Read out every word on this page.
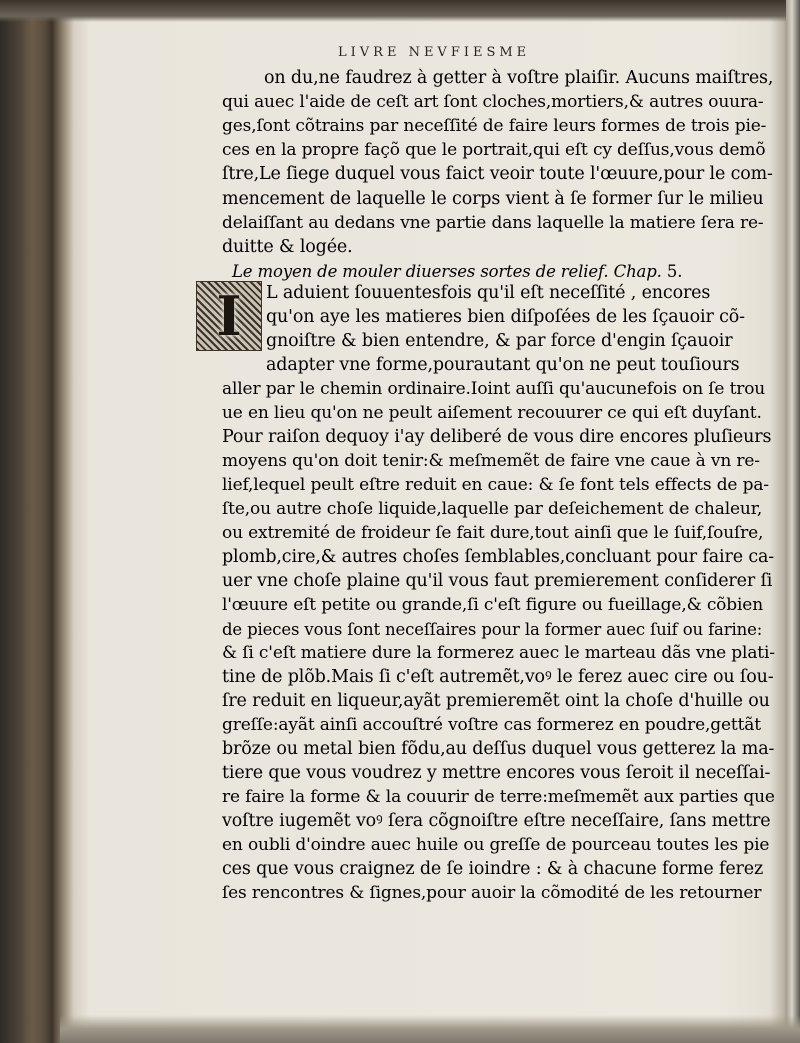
LIVRE NEVFIESME
I
on du,ne faudrez à getter à voſtre plaiſir. Aucuns maiſtres,
qui auec l'aide de ceſt art ſont cloches,mortiers,& autres ouura-
ges,ſont cõtrains par neceſſité de faire leurs formes de trois pie-
ces en la propre façõ que le portrait,qui eſt cy deſſus,vous demõ
ſtre,Le ſiege duquel vous faict veoir toute l'œuure,pour le com-
mencement de laquelle le corps vient à ſe former ſur le milieu
delaiſſant au dedans vne partie dans laquelle la matiere ſera re-
duitte & logée.
L aduient ſouuentesfois qu'il eſt neceſſité , encores
qu'on aye les matieres bien diſpoſées de les ſçauoir cõ-
gnoiſtre & bien entendre, & par force d'engin ſçauoir
adapter vne forme,pourautant qu'on ne peut touſiours
aller par le chemin ordinaire.Ioint auſſi qu'aucunefois on ſe trou
ue en lieu qu'on ne peult aiſement recouurer ce qui eſt duyſant.
Pour raiſon dequoy i'ay deliberé de vous dire encores pluſieurs
moyens qu'on doit tenir:& meſmemẽt de faire vne caue à vn re-
lief,lequel peult eſtre reduit en caue: & ſe font tels effects de pa-
ſte,ou autre choſe liquide,laquelle par deſeichement de chaleur,
ou extremité de froideur ſe fait dure,tout ainſi que le ſuif,ſouſre,
plomb,cire,& autres choſes ſemblables,concluant pour faire ca-
uer vne choſe plaine qu'il vous faut premierement conſiderer ſi
l'œuure eſt petite ou grande,ſi c'eſt figure ou fueillage,& cõbien
de pieces vous ſont neceſſaires pour la former auec ſuif ou farine:
& ſi c'eſt matiere dure la formerez auec le marteau dãs vne plati-
tine de plõb.Mais ſi c'eſt autremẽt,voꝰ le ferez auec cire ou ſou-
ſre reduit en liqueur,ayãt premieremẽt oint la choſe d'huille ou
greſſe:ayãt ainſi accouſtré voſtre cas formerez en poudre,gettãt
brõze ou metal bien fõdu,au deſſus duquel vous getterez la ma-
tiere que vous voudrez y mettre encores vous ſeroit il neceſſai-
re faire la forme & la couurir de terre:meſmemẽt aux parties que
voſtre iugemẽt voꝰ ſera cõgnoiſtre eſtre neceſſaire, ſans mettre
en oubli d'oindre auec huile ou greſſe de pourceau toutes les pie
ces que vous craignez de ſe ioindre : & à chacune forme ferez
ſes rencontres & ſignes,pour auoir la cõmodité de les retourner
Le moyen de mouler diuerses sortes de relief. Chap. 5.
